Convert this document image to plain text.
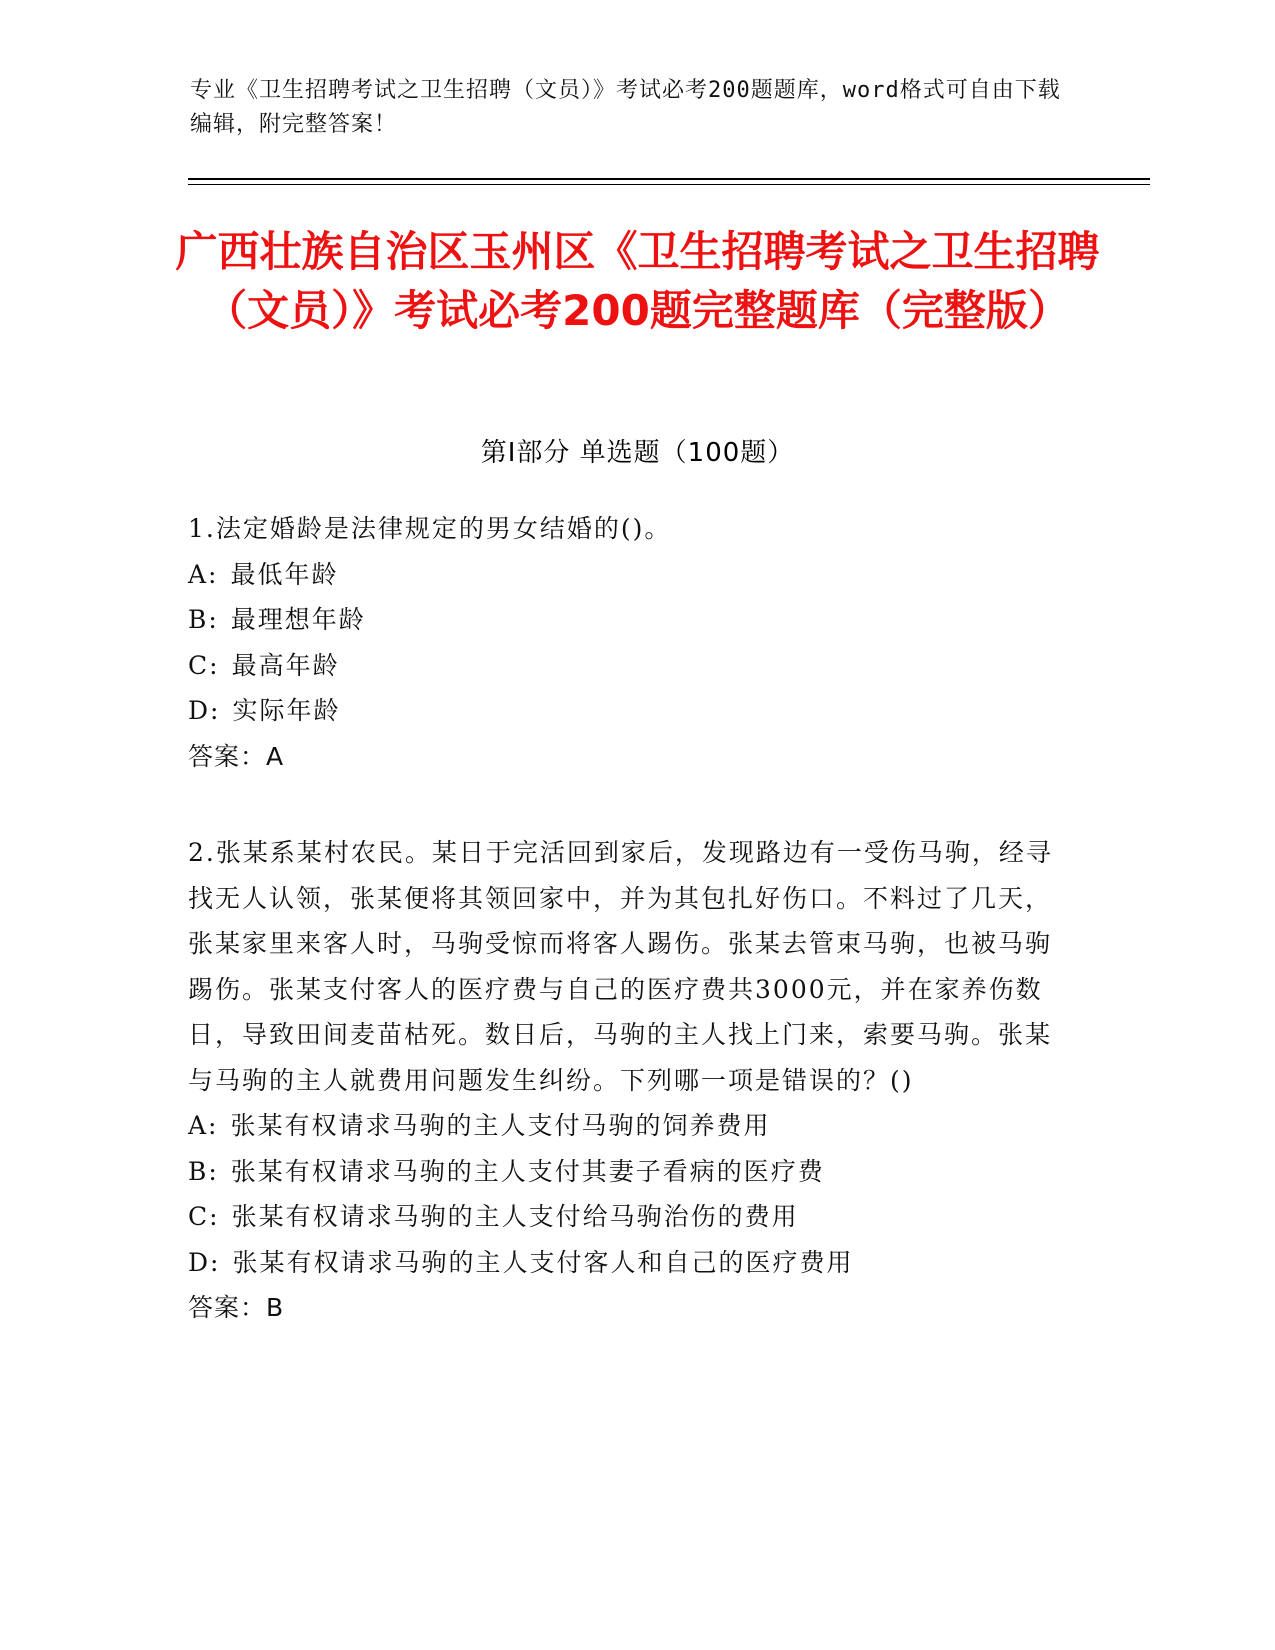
专业《卫生招聘考试之卫生招聘（文员）》考试必考200题题库，word格式可自由下载编辑，附完整答案！
广西壮族自治区玉州区《卫生招聘考试之卫生招聘（文员）》考试必考200题完整题库（完整版）
第Ⅰ部分 单选题（100题）

1.法定婚龄是法律规定的男女结婚的()。

A: 最低年龄

B: 最理想年龄

C: 最高年龄

D: 实际年龄

答案：A

2.张某系某村农民。某日于完活回到家后，发现路边有一受伤马驹，经寻找无人认领，张某便将其领回家中，并为其包扎好伤口。不料过了几天，张某家里来客人时，马驹受惊而将客人踢伤。张某去管束马驹，也被马驹踢伤。张某支付客人的医疗费与自己的医疗费共3000元，并在家养伤数日，导致田间麦苗枯死。数日后，马驹的主人找上门来，索要马驹。张某与马驹的主人就费用问题发生纠纷。下列哪一项是错误的？()

A: 张某有权请求马驹的主人支付马驹的饲养费用

B: 张某有权请求马驹的主人支付其妻子看病的医疗费

C: 张某有权请求马驹的主人支付给马驹治伤的费用

D: 张某有权请求马驹的主人支付客人和自己的医疗费用

答案：B
